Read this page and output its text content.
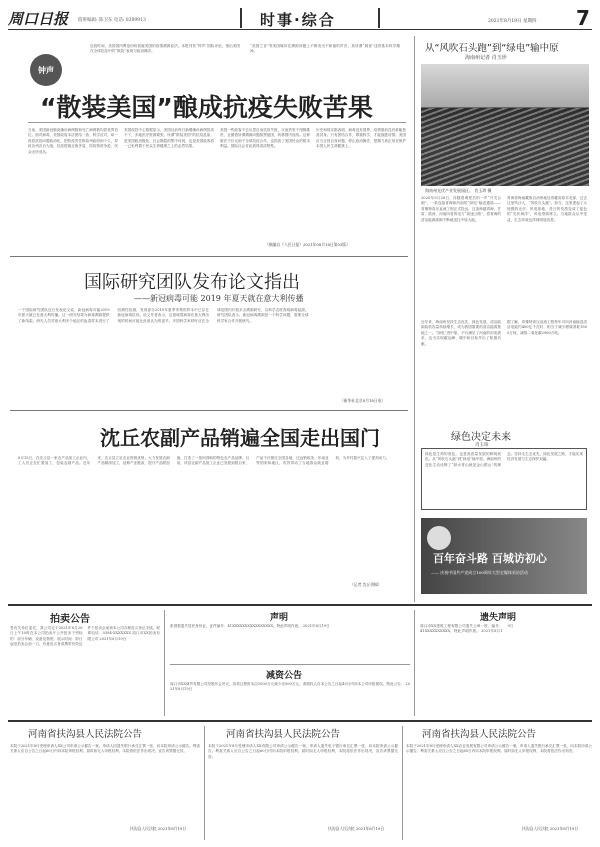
周口日报 值班编辑: 陈卫东 电话: 8389913	时事·综合	2021年8月19日 星期四 7
钟声
近段时间，美国国内舆论纷纷质疑美国的疫情溯源说法。本报刊发“钟声”国际评论，指出美国在全球抗疫中的“散装”表现与政治操弄。
“美国之音”等美国媒体在溯源问题上不断发出不和谐的声音，其所谓“调查”违背基本科学精神。
“散装美国”酿成抗疫失败苦果
当前，美国新冠肺炎确诊病例数和死亡病例数均居世界首位。面对病毒，美国政府本应团结一致、科学应对，却一再将抗疫问题政治化，把防疫责任推给州政府和个人，导致各州各自为战，抗疫措施互相矛盾，防疫物资争抢，民众无所适从。
美国疾控中心数据显示，美国目前每日新增确诊病例居高不下，多地医疗资源紧张。所谓“散装美国”的抗疫乱象，是美国政治极化、社会撕裂的集中体现，也是美国政客将一己私利置于民众生命健康之上的必然结果。
美国一些政客不去反思自身抗疫失败，反而热衷于甩锅推责，企图借所谓溯源问题抹黑他国，转移国内视线。这种做法不仅无助于全球抗疫合作，也损害了美国民众的根本利益。国际社会对此看得清清楚楚。
历史和现实都表明，病毒没有国界，疫情面前没有谁能独善其身。只有团结合作，尊重科学，才能战胜疫情。美国应当正视自身问题，停止政治操弄，把精力真正用在保护本国人民生命健康上。
（摘编自《人民日报》2021年08月18日第03版）
国际研究团队发布论文指出
——新冠病毒可能 2019 年夏天就在意大利传播
一个国际研究团队近日发表论文说，新冠病毒可能2019年夏天就已在意大利传播。这一研究结果为病毒溯源提供了新线索。研究人员对意大利多个地区的血清样本进行了回溯性检测，发现部分2019年夏季采集的样本中已存在新冠病毒抗体。论文作者表示，这意味着病毒在意大利出现的时间可能比此前认为的更早。多国科学家呼吁应在全球范围内开展多点溯源研究，以科学态度查明病毒起源。研究团队表示，新冠病毒溯源是一个科学问题，需要全球科学家合作开展研究。
（新华社北京8月18日电）
沈丘农副产品销遍全国走出国门
8月15日，在沈丘县一家农产品加工企业内，工人们正在忙着加工、包装农副产品。近年来，沈丘县立足农业资源优势，大力发展农副产品精深加工，延伸产业链条，提升产品附加值，打造了一批叫得响的特色农产品品牌。目前，该县农副产品加工企业已发展到数百家，产品不仅销往全国各地，还远销欧美、东南亚等国家和地区，有效带动了当地群众就业增收，为乡村振兴注入了强劲动力。
（记者 沈丘供稿）
从“风吹石头跑”到“绿电”输中原
海南州记者 肖玉珍
海南州光伏产业发展园区。 肖玉珍 摄
2020年9月28日，伴随着调度员的一声“开关合闸”，一条连接青海和河南的“绿电”输送通道——青豫特高压直流工程正式投运。这条跨越青海、甘肃、陕西、河南四省的电力“高速公路”，将青海的清洁能源源源不断地送往中原大地。
青海省海南藏族自治州地处青藏高原东北部，过去这里风沙大、“风吹石头跑”。如今，这里建起了大规模的光伏、风电基地，昔日的荒漠变成了蓝色的“光伏海洋”，风电塔筒林立。当地群众从中受益，生态环境也得到明显改善。
近年来，海南州坚持生态优先、绿色发展，清洁能源装机容量持续增长，成为我国重要的清洁能源基地之一。“绿电”进中原，不仅满足了河南的用电需求，也为实现碳达峰、碳中和目标作出了积极贡献。
据了解，青豫特高压直流工程每年可向河南输送清洁电能约400亿千瓦时，相当于减少燃煤消耗1800万吨，减排二氧化碳2960万吨。
绿色决定未来
肖玉珍
绿色是生命的底色，也是高质量发展的鲜明底色。从“风吹石头跑”到“绿电”输中原，海南州的变化生动诠释了“绿水青山就是金山银山”的理念。坚持走生态优先、绿色发展之路，才能实现经济发展与生态保护双赢。
百年奋斗路 百城访初心
—— 庆祝中国共产党成立100周年大型全媒体采访活动
拍卖公告
受有关单位委托，我公司定于2021年8月26日上午10时在本公司拍卖厅公开拍卖下列标的：部分车辆、设备及物资。展示时间：即日起至拍卖会前一日。有意竞买者请携带有效证件于拍卖会前到本公司办理竞买登记手续。联系电话：0394-XXXXXXX 周口市XX拍卖有限公司 2021年8月19日
声明
张国强遗失居民身份证，证件编号：41XXXXXXXXXXXXXXXX，特此声明作废。 2021年8月19日
减资公告
周口市XX商贸有限公司经股东会决议，拟将注册资本由1000万元减少至500万元。请债权人自本公告之日起45日内向本公司申报债权。特此公告。 2021年8月19日
遗失声明
周口市XX建筑工程有限公司遗失公章一枚，编号：41XXXXXXXXXX，特此声明作废。 2021年8月19日
河南省扶沟县人民法院公告
本院于2021年8月受理申请人XX公司申请公示催告一案，申请人因遗失银行承兑汇票一张，向本院申请公示催告。利害关系人应自公告之日起60日内向本院申报权利。届时如无人申报权利，本院将依法作出判决，宣告该票据无效。
扶沟县人民法院 2021年8月19日
河南省扶沟县人民法院公告
本院于2021年8月受理申请人XX有限公司申请公示催告一案，申请人遗失电子银行承兑汇票一张，向本院申请公示催告。利害关系人应自公告之日起60日内向本院申报权利。届时如无人申报权利，本院将依法作出判决，宣告该票据无效。
扶沟县人民法院 2021年8月19日
河南省扶沟县人民法院公告
本院于2021年8月受理申请人XX农业发展有限公司申请公示催告一案，申请人遗失银行承兑汇票一张，向本院申请公示催告。利害关系人应自公告之日起60日内向本院申报权利。届时如无人申报权利，本院将依法作出判决。
扶沟县人民法院 2021年8月19日
